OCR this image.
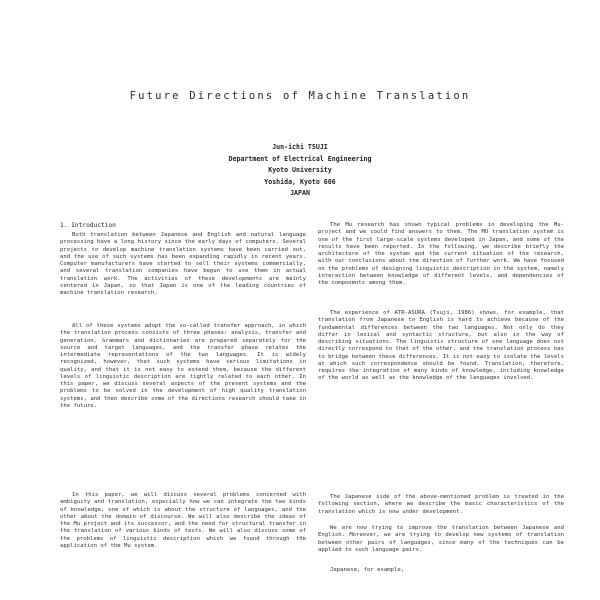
Future Directions of Machine Translation
Jun-ichi TSUJI
Department of Electrical Engineering
Kyoto University
Yoshida, Kyoto 606
JAPAN
1. Introduction

Both translation between Japanese and English and natural language processing have a long history since the early days of computers. Several projects to develop machine translation systems have been carried out, and the use of such systems has been expanding rapidly in recent years. Computer manufacturers have started to sell their systems commercially, and several translation companies have begun to use them in actual translation work. The activities of these developments are mainly centered in Japan, so that Japan is one of the leading countries of machine translation research.

All of these systems adopt the so-called transfer approach, in which the translation process consists of three phases: analysis, transfer and generation. Grammars and dictionaries are prepared separately for the source and target languages, and the transfer phase relates the intermediate representations of the two languages. It is widely recognized, however, that such systems have serious limitations in quality, and that it is not easy to extend them, because the different levels of linguistic description are tightly related to each other. In this paper, we discuss several aspects of the present systems and the problems to be solved in the development of high quality translation systems, and then describe some of the directions research should take in the future.

In this paper, we will discuss several problems concerned with ambiguity and translation, especially how we can integrate the two kinds of knowledge, one of which is about the structure of languages, and the other about the domain of discourse. We will also describe the ideas of the Mu project and its successor, and the need for structural transfer in the translation of various kinds of texts. We will also discuss some of the problems of linguistic description which we found through the application of the Mu system.

The Mu research has shown typical problems in developing the Mu-project and we could find answers to them. The MU translation system is one of the first large-scale systems developed in Japan, and some of the results have been reported. In the following, we describe briefly the architecture of the system and the current situation of the research, with our conclusions about the direction of further work. We have focused on the problems of designing linguistic description in the system, namely interaction between knowledge of different levels, and dependencies of the components among them.

The experience of ATR-ASURA (Tsuji, 1986) shows, for example, that translation from Japanese to English is hard to achieve because of the fundamental differences between the two languages. Not only do they differ in lexical and syntactic structure, but also in the way of describing situations. The linguistic structure of one language does not directly correspond to that of the other, and the translation process has to bridge between these differences. It is not easy to isolate the levels at which such correspondence should be found. Translation, therefore, requires the integration of many kinds of knowledge, including knowledge of the world as well as the knowledge of the languages involved.

The Japanese side of the above-mentioned problem is treated in the following section, where we describe the basic characteristics of the translation which is now under development.

We are now trying to improve the translation between Japanese and English. Moreover, we are trying to develop new systems of translation between other pairs of languages, since many of the techniques can be applied to such language pairs.

Japanese, for example,
